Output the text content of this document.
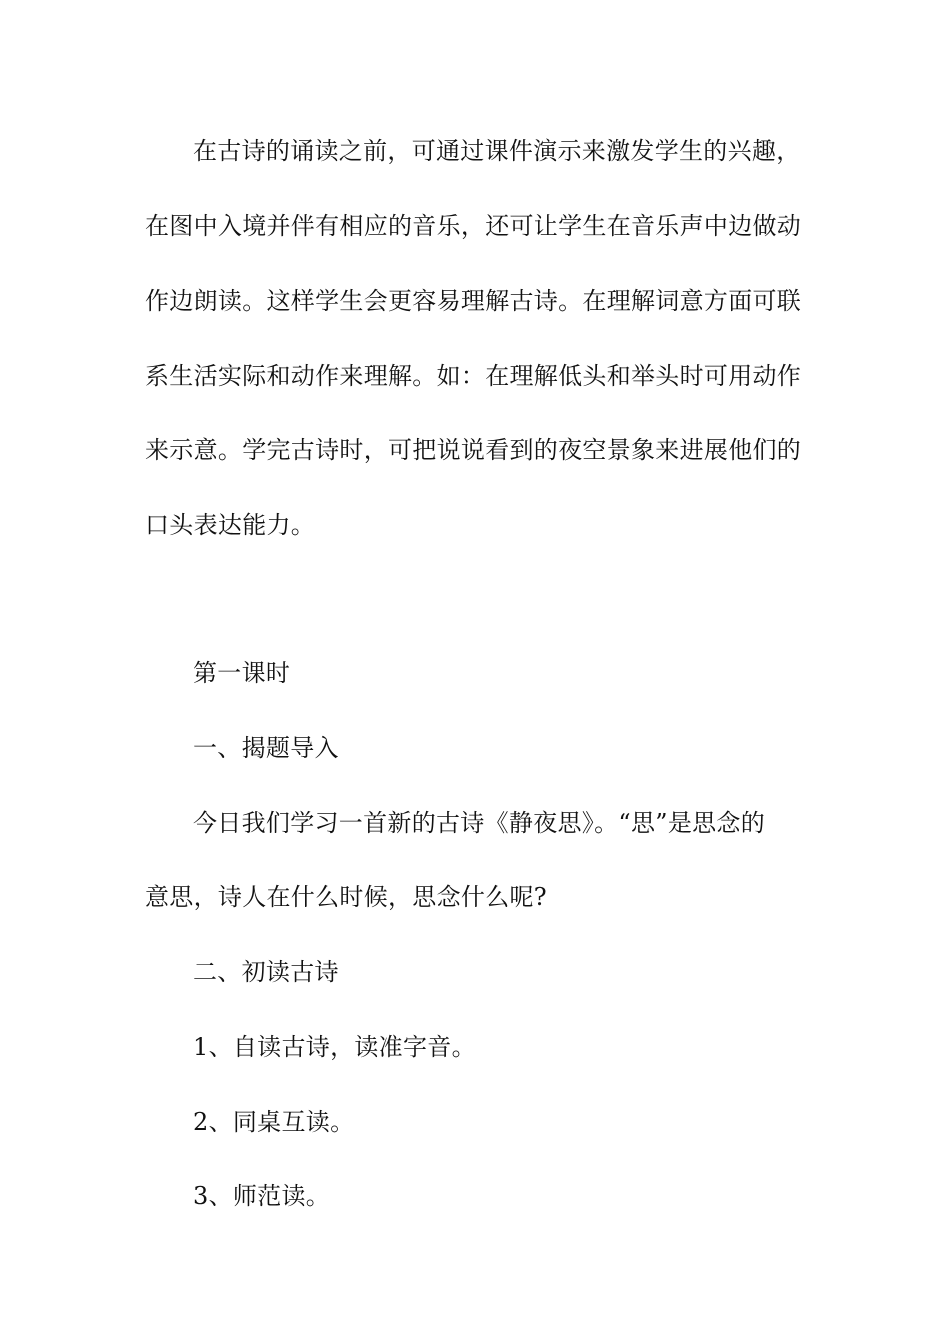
在古诗的诵读之前，可通过课件演示来激发学生的兴趣，
在图中入境并伴有相应的音乐，还可让学生在音乐声中边做动
作边朗读。这样学生会更容易理解古诗。在理解词意方面可联
系生活实际和动作来理解。如：在理解低头和举头时可用动作
来示意。学完古诗时，可把说说看到的夜空景象来进展他们的
口头表达能力。
第一课时
一、揭题导入
今日我们学习一首新的古诗《静夜思》。“思”是思念的
意思，诗人在什么时候，思念什么呢?
二、初读古诗
1、自读古诗，读准字音。
2、同桌互读。
3、师范读。
